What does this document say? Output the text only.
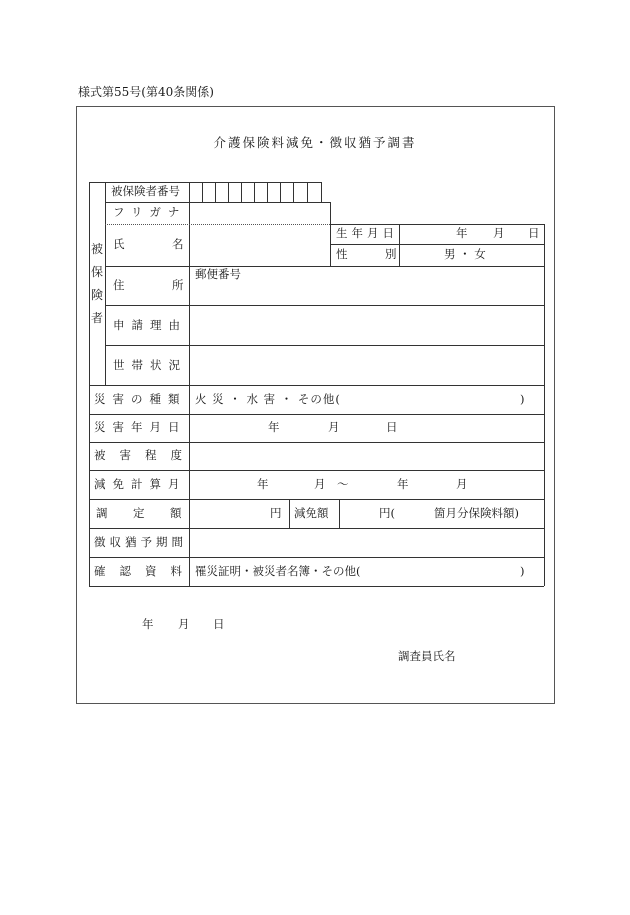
様式第55号(第40条関係)
介護保険料減免・徴収猶予調書
被
保
険
者
被保険者番号
フリガナ
氏	名
生年月日	年 月 日
性	別	男 ・ 女
住	所
郵便番号
申請理由
世帯状況
災害の種類 火 災 ・ 水 害 ・ その他(	)
災害年月日	年	月	日
被害程度
減免計算月	年	月 ～	年	月
調 定 額	円 減免額	円(	箇月分保険料額)
徴収猶予期間
確認資料 罹災証明・被災者名簿・その他(	)
年 月 日
調査員氏名
